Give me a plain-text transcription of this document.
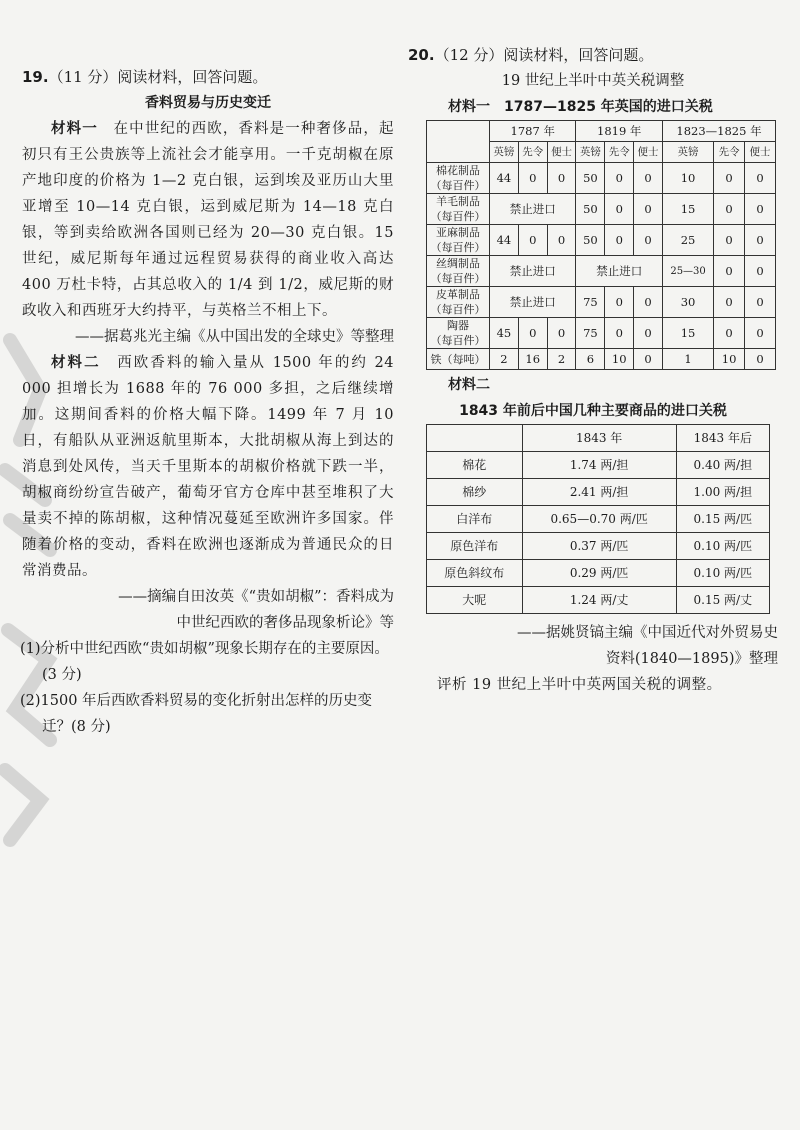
19.（11 分）阅读材料，回答问题。
香料贸易与历史变迁
材料一　 在中世纪的西欧，香料是一种奢侈品，起初只有王公贵族等上流社会才能享用。一千克胡椒在原产地印度的价格为 1—2 克白银，运到埃及亚历山大里亚增至 10—14 克白银，运到威尼斯为 14—18 克白银，等到卖给欧洲各国则已经为 20—30 克白银。15 世纪，威尼斯每年通过远程贸易获得的商业收入高达 400 万杜卡特，占其总收入的 1/4 到 1/2，威尼斯的财政收入和西班牙大约持平，与英格兰不相上下。
——据葛兆光主编《从中国出发的全球史》等整理
材料二　 西欧香料的输入量从 1500 年的约 24 000 担增长为 1688 年的 76 000 多担，之后继续增加。这期间香料的价格大幅下降。1499 年 7 月 10 日，有船队从亚洲返航里斯本，大批胡椒从海上到达的消息到处风传，当天千里斯本的胡椒价格就下跌一半，胡椒商纷纷宣告破产，葡萄牙官方仓库中甚至堆积了大量卖不掉的陈胡椒，这种情况蔓延至欧洲许多国家。伴随着价格的变动，香料在欧洲也逐渐成为普通民众的日常消费品。
——摘编自田汝英《“贵如胡椒”：香料成为
中世纪西欧的奢侈品现象析论》等
(1)分析中世纪西欧“贵如胡椒”现象长期存在的主要原因。(3 分)
(2)1500 年后西欧香料贸易的变化折射出怎样的历史变迁？(8 分)
20.（12 分）阅读材料，回答问题。
19 世纪上半叶中英关税调整
材料一　1787—1825 年英国的进口关税
	1787 年			1819 年			1823—1825 年		
	英镑	先令	便士	英镑	先令	便士	英镑	先令	便士

棉花制品
（每百件）	44	0	0	50	0	0	10	0	0

羊毛制品
（每百件）	禁止进口			50	0	0	15	0	0

亚麻制品
（每百件）	44	0	0	50	0	0	25	0	0

丝绸制品
（每百件）	禁止进口			禁止进口			25—30	0	0

皮革制品
（每百件）	禁止进口			75	0	0	30	0	0

陶器
（每百件）	45	0	0	75	0	0	15	0	0
铁（每吨）	2	16	2	6	10	0	1	10	0
材料二
1843 年前后中国几种主要商品的进口关税
	1843 年	1843 年后
棉花	1.74 两/担	0.40 两/担
棉纱	2.41 两/担	1.00 两/担
白洋布	0.65—0.70 两/匹	0.15 两/匹
原色洋布	0.37 两/匹	0.10 两/匹
原色斜纹布	0.29 两/匹	0.10 两/匹
大呢	1.24 两/丈	0.15 两/丈
——据姚贤镐主编《中国近代对外贸易史
资料(1840—1895)》整理
评析 19 世纪上半叶中英两国关税的调整。
